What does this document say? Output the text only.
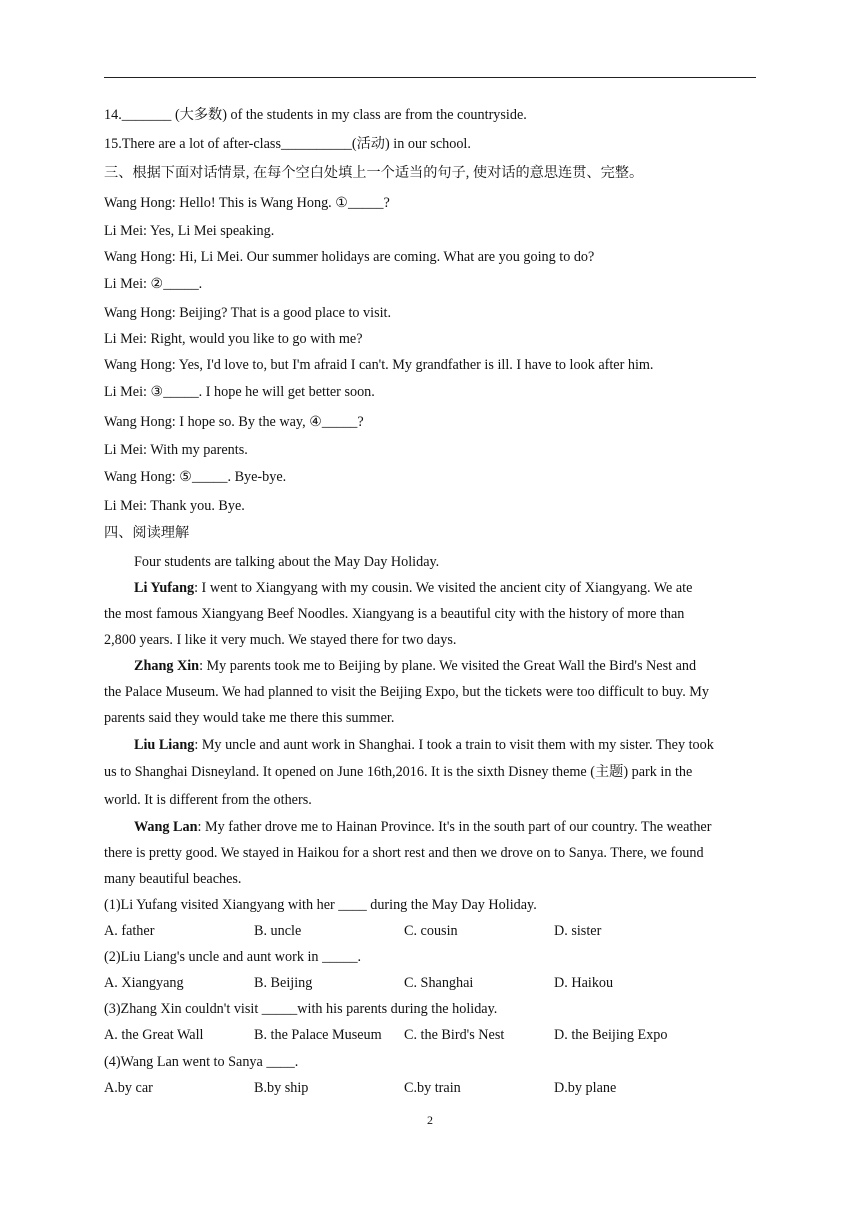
14._______ (大多数) of the students in my class are from the countryside.
15.There are a lot of after-class__________(活动) in our school.
三、根据下面对话情景, 在每个空白处填上一个适当的句子, 使对话的意思连贯、完整。
Wang Hong: Hello! This is Wang Hong. ①_____?
Li Mei: Yes, Li Mei speaking.
Wang Hong: Hi, Li Mei. Our summer holidays are coming. What are you going to do?
Li Mei: ②_____.
Wang Hong: Beijing? That is a good place to visit.
Li Mei: Right, would you like to go with me?
Wang Hong: Yes, I'd love to, but I'm afraid I can't. My grandfather is ill. I have to look after him.
Li Mei: ③_____. I hope he will get better soon.
Wang Hong: I hope so. By the way, ④_____?
Li Mei: With my parents.
Wang Hong: ⑤_____. Bye-bye.
Li Mei: Thank you. Bye.
四、阅读理解
Four students are talking about the May Day Holiday.
Li Yufang: I went to Xiangyang with my cousin. We visited the ancient city of Xiangyang. We ate
the most famous Xiangyang Beef Noodles. Xiangyang is a beautiful city with the history of more than
2,800 years. I like it very much. We stayed there for two days.
Zhang Xin: My parents took me to Beijing by plane. We visited the Great Wall the Bird's Nest and
the Palace Museum. We had planned to visit the Beijing Expo, but the tickets were too difficult to buy. My
parents said they would take me there this summer.
Liu Liang: My uncle and aunt work in Shanghai. I took a train to visit them with my sister. They took
us to Shanghai Disneyland. It opened on June 16th,2016. It is the sixth Disney theme (主题) park in the
world. It is different from the others.
Wang Lan: My father drove me to Hainan Province. It's in the south part of our country. The weather
there is pretty good. We stayed in Haikou for a short rest and then we drove on to Sanya. There, we found
many beautiful beaches.
(1)Li Yufang visited Xiangyang with her ____ during the May Day Holiday.
A. father	B. uncle	C. cousin	D. sister
(2)Liu Liang's uncle and aunt work in _____.
A. Xiangyang	B. Beijing	C. Shanghai	D. Haikou
(3)Zhang Xin couldn't visit _____with his parents during the holiday.
A. the Great Wall	B. the Palace Museum C. the Bird's Nest	D. the Beijing Expo
(4)Wang Lan went to Sanya ____.
A.by car	B.by ship	C.by train	D.by plane
2
